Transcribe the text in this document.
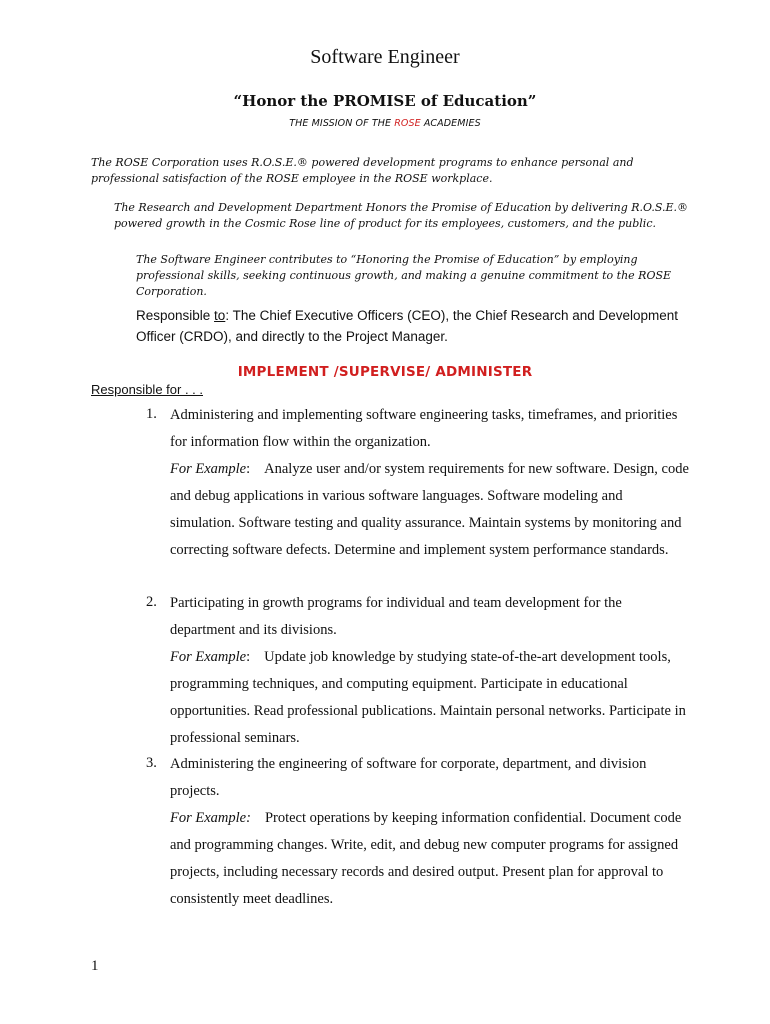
Software Engineer
“Honor the PROMISE of Education”
THE MISSION OF THE ROSE ACADEMIES
The ROSE Corporation uses R.O.S.E.® powered development programs to enhance personal and professional satisfaction of the ROSE employee in the ROSE workplace.
The Research and Development Department Honors the Promise of Education by delivering R.O.S.E.® powered growth in the Cosmic Rose line of product for its employees, customers, and the public.
The Software Engineer contributes to “Honoring the Promise of Education” by employing professional skills, seeking continuous growth, and making a genuine commitment to the ROSE Corporation.
Responsible to: The Chief Executive Officers (CEO), the Chief Research and Development Officer (CRDO), and directly to the Project Manager.
IMPLEMENT /SUPERVISE/ ADMINISTER
Responsible for . . .
1. Administering and implementing software engineering tasks, timeframes, and priorities for information flow within the organization.
For Example: Analyze user and/or system requirements for new software. Design, code and debug applications in various software languages. Software modeling and simulation. Software testing and quality assurance. Maintain systems by monitoring and correcting software defects. Determine and implement system performance standards.
2. Participating in growth programs for individual and team development for the department and its divisions.
For Example: Update job knowledge by studying state-of-the-art development tools, programming techniques, and computing equipment. Participate in educational opportunities. Read professional publications. Maintain personal networks. Participate in professional seminars.
3. Administering the engineering of software for corporate, department, and division projects.
For Example: Protect operations by keeping information confidential. Document code and programming changes. Write, edit, and debug new computer programs for assigned projects, including necessary records and desired output. Present plan for approval to consistently meet deadlines.
1
